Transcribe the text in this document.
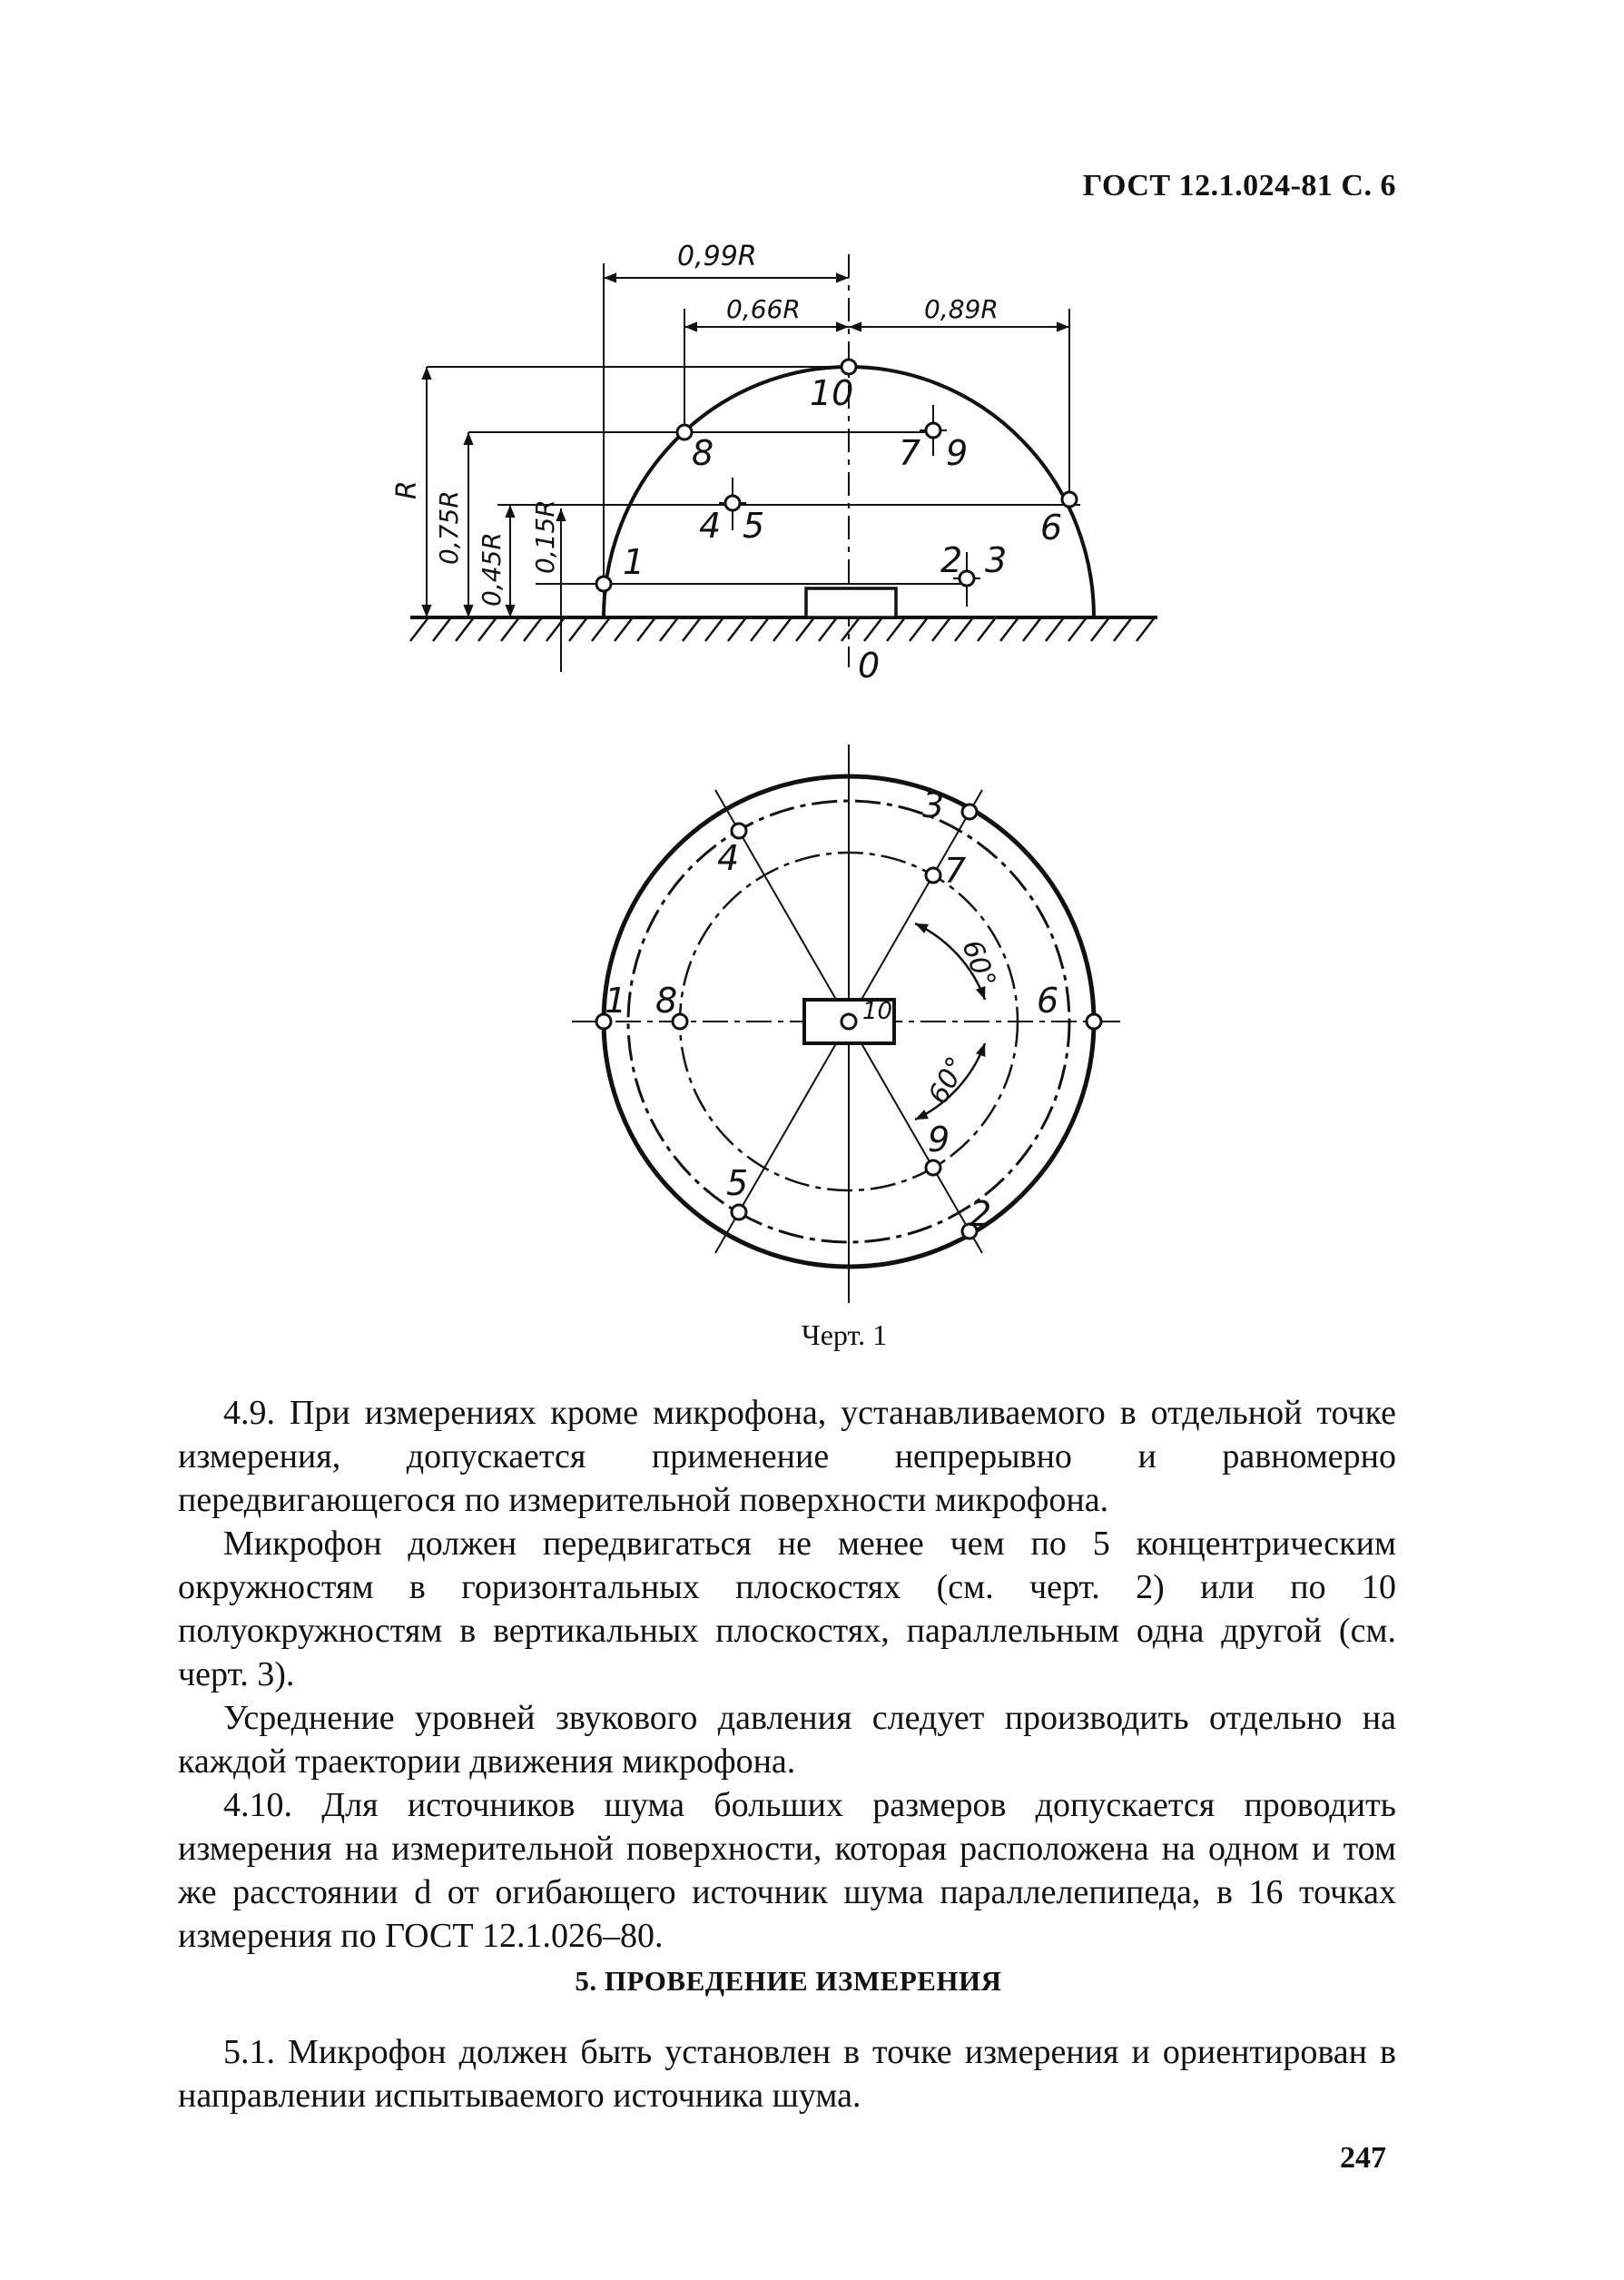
ГОСТ 12.1.024-81 С. 6
0,99R
0,66R	0,89R
R
0,75R
0,45R 0,15R 1	2 3
4 5	6
7
8	9
10
0
1
2
3
4
5
6
7
8
9
10
60°
60°
Черт. 1

4.9. При измерениях кроме микрофона, устанавливаемого в отдельной точке измерения, допускается применение непрерывно и равномерно передвигающегося по измерительной поверхности микрофона.

Микрофон должен передвигаться не менее чем по 5 концентрическим окружностям в горизонтальных плоскостях (см. черт. 2) или по 10 полуокружностям в вертикальных плоскостях, параллельным одна другой (см. черт. 3).

Усреднение уровней звукового давления следует производить отдельно на каждой траектории движения микрофона.

4.10. Для источников шума больших размеров допускается проводить измерения на измерительной поверхности, которая расположена на одном и том же расстоянии d от огибающего источник шума параллелепипеда, в 16 точках измерения по ГОСТ 12.1.026–80.

5. ПРОВЕДЕНИЕ ИЗМЕРЕНИЯ

5.1. Микрофон должен быть установлен в точке измерения и ориентирован в направлении испытываемого источника шума.

247
